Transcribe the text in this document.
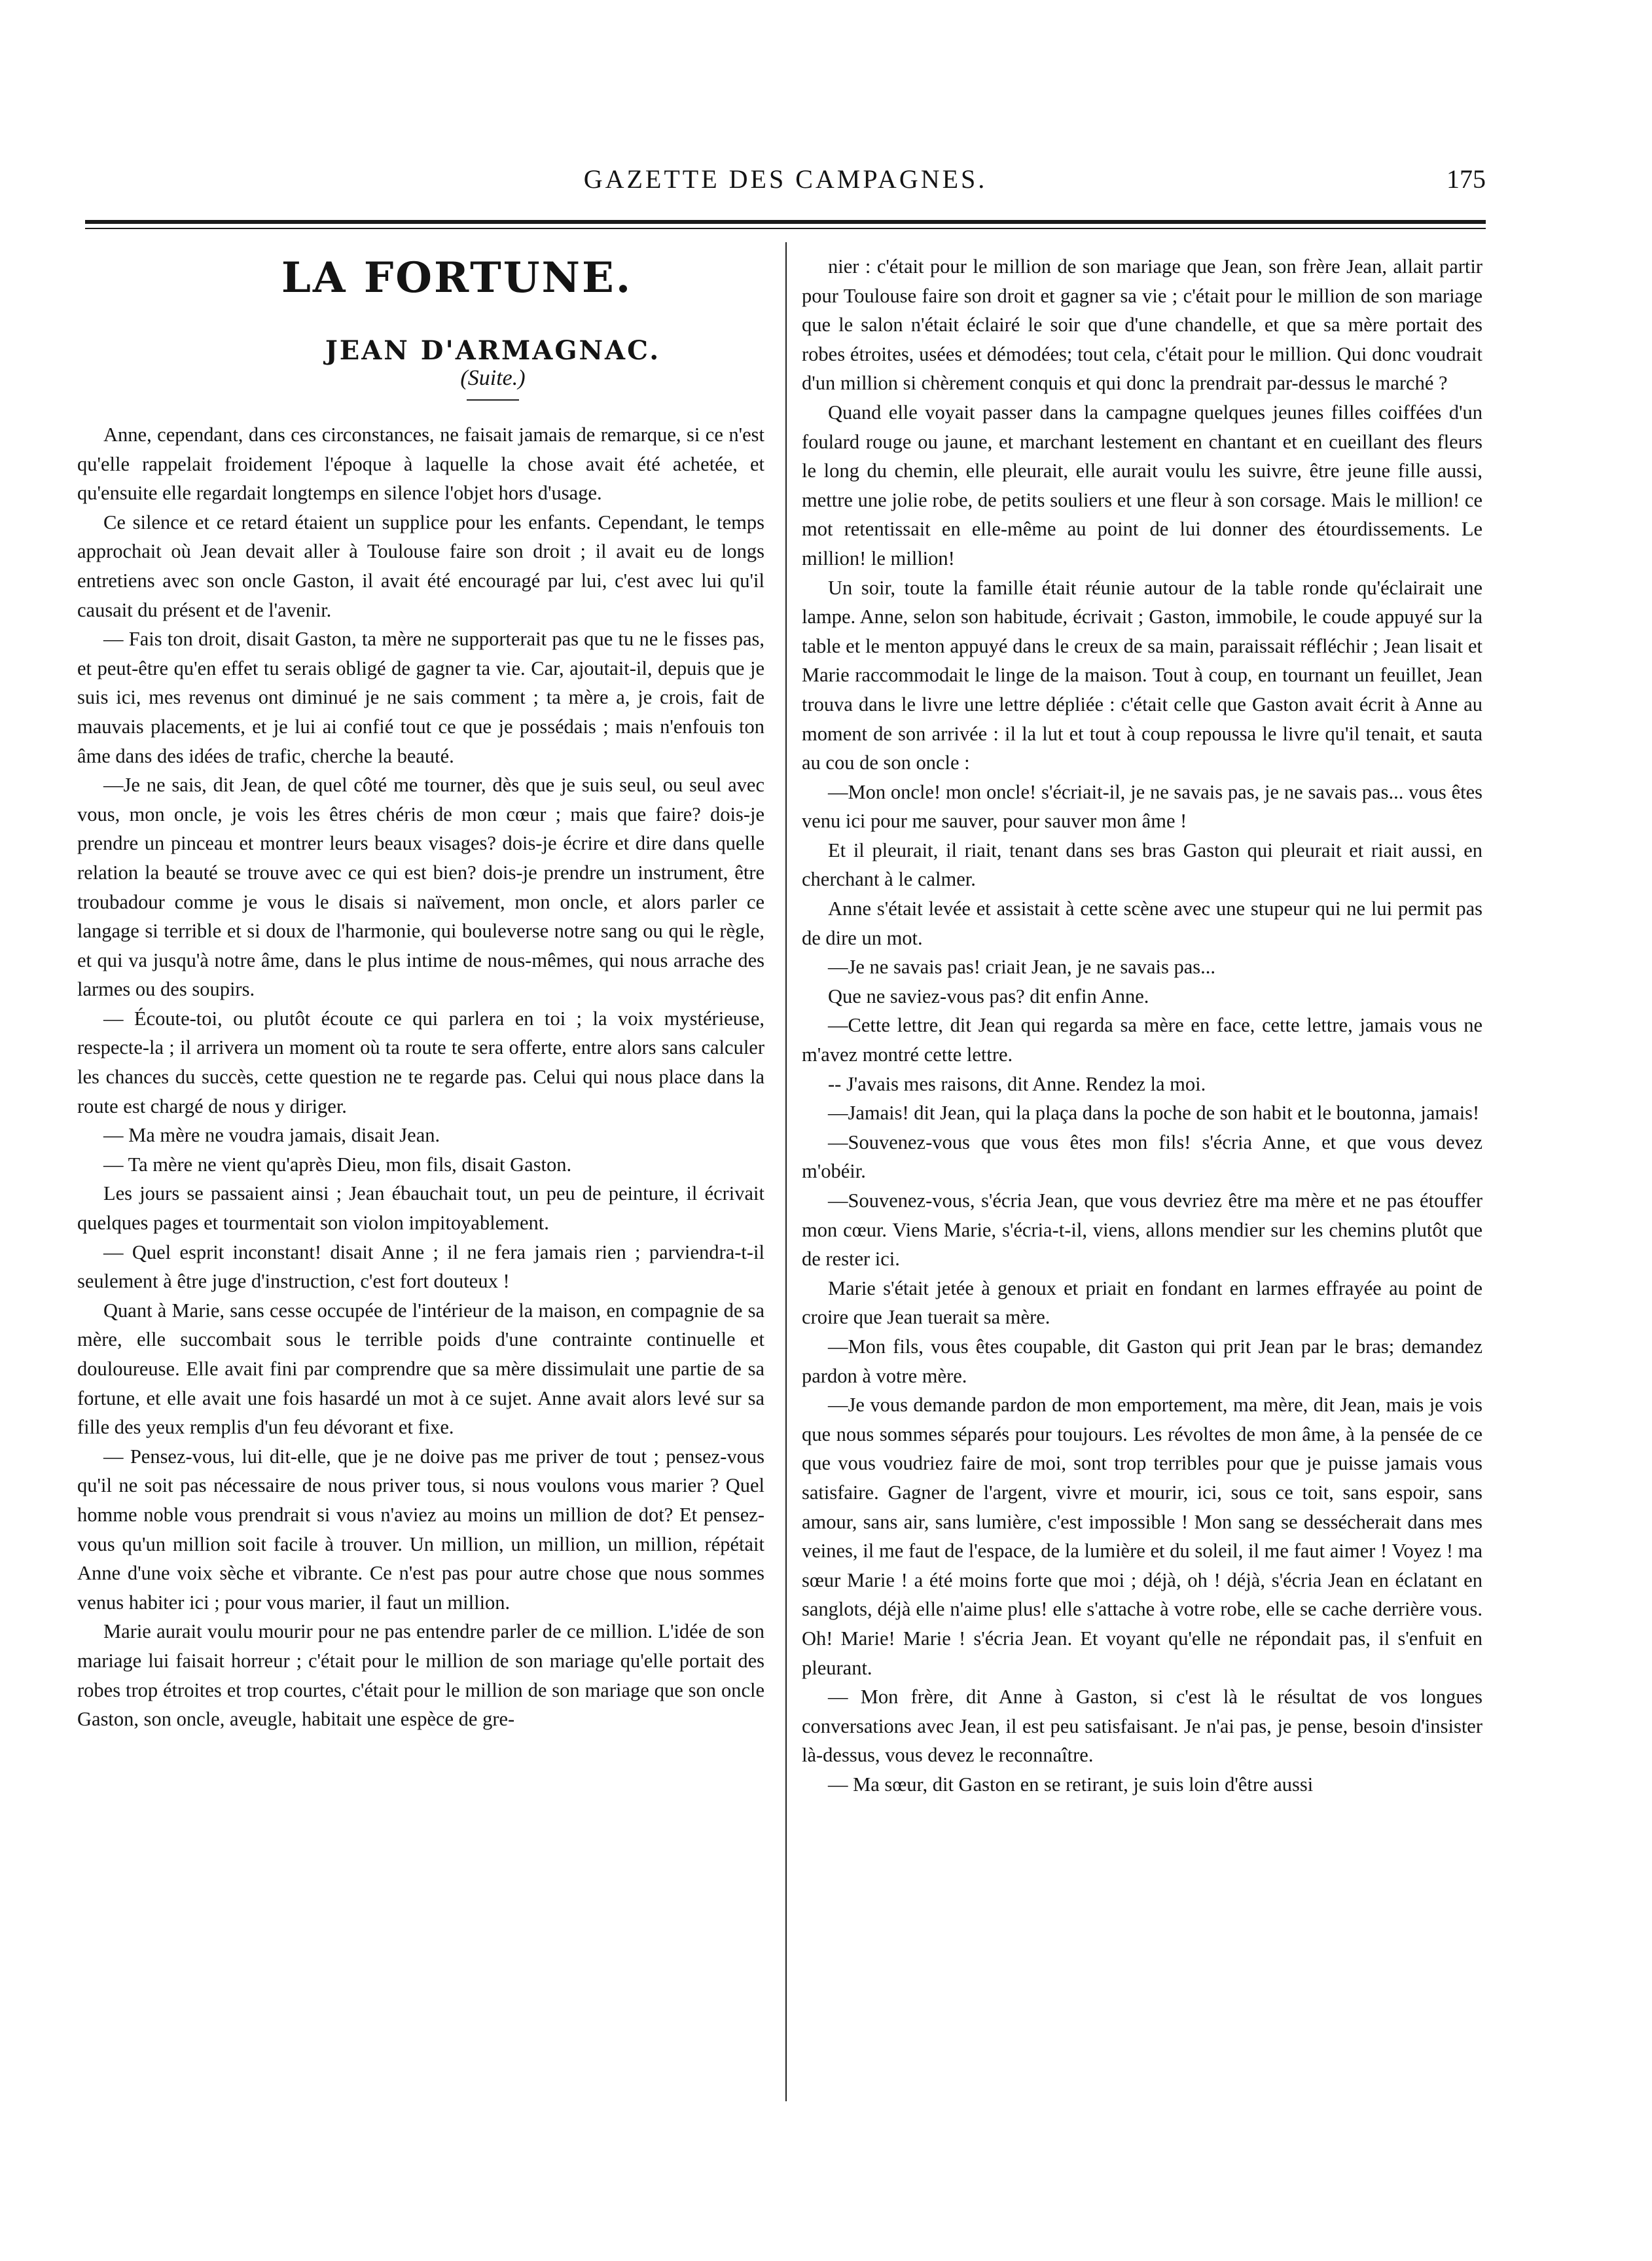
GAZETTE DES CAMPAGNES.	175
LA FORTUNE.
JEAN D'ARMAGNAC.
(Suite.)

Anne, cependant, dans ces circonstances, ne faisait jamais de remarque, si ce n'est qu'elle rappelait froidement l'époque à laquelle la chose avait été achetée, et qu'ensuite elle regardait longtemps en silence l'objet hors d'usage.

Ce silence et ce retard étaient un supplice pour les enfants. Cependant, le temps approchait où Jean devait aller à Toulouse faire son droit ; il avait eu de longs entretiens avec son oncle Gaston, il avait été encouragé par lui, c'est avec lui qu'il causait du présent et de l'avenir.

— Fais ton droit, disait Gaston, ta mère ne supporterait pas que tu ne le fisses pas, et peut-être qu'en effet tu serais obligé de gagner ta vie. Car, ajoutait-il, depuis que je suis ici, mes revenus ont diminué je ne sais comment ; ta mère a, je crois, fait de mauvais placements, et je lui ai confié tout ce que je possédais ; mais n'enfouis ton âme dans des idées de trafic, cherche la beauté.

—Je ne sais, dit Jean, de quel côté me tourner, dès que je suis seul, ou seul avec vous, mon oncle, je vois les êtres chéris de mon cœur ; mais que faire? dois-je prendre un pinceau et montrer leurs beaux visages? dois-je écrire et dire dans quelle relation la beauté se trouve avec ce qui est bien? dois-je prendre un instrument, être troubadour comme je vous le disais si naïvement, mon oncle, et alors parler ce langage si terrible et si doux de l'harmonie, qui bouleverse notre sang ou qui le règle, et qui va jusqu'à notre âme, dans le plus intime de nous-mêmes, qui nous arrache des larmes ou des soupirs.

— Écoute-toi, ou plutôt écoute ce qui parlera en toi ; la voix mystérieuse, respecte-la ; il arrivera un moment où ta route te sera offerte, entre alors sans calculer les chances du succès, cette question ne te regarde pas. Celui qui nous place dans la route est chargé de nous y diriger.

— Ma mère ne voudra jamais, disait Jean.

— Ta mère ne vient qu'après Dieu, mon fils, disait Gaston.

Les jours se passaient ainsi ; Jean ébauchait tout, un peu de peinture, il écrivait quelques pages et tourmentait son violon impitoyablement.

— Quel esprit inconstant! disait Anne ; il ne fera jamais rien ; parviendra-t-il seulement à être juge d'instruction, c'est fort douteux !

Quant à Marie, sans cesse occupée de l'intérieur de la maison, en compagnie de sa mère, elle succombait sous le terrible poids d'une contrainte continuelle et douloureuse. Elle avait fini par comprendre que sa mère dissimulait une partie de sa fortune, et elle avait une fois hasardé un mot à ce sujet. Anne avait alors levé sur sa fille des yeux remplis d'un feu dévorant et fixe.

— Pensez-vous, lui dit-elle, que je ne doive pas me priver de tout ; pensez-vous qu'il ne soit pas nécessaire de nous priver tous, si nous voulons vous marier ? Quel homme noble vous prendrait si vous n'aviez au moins un million de dot? Et pensez-vous qu'un million soit facile à trouver. Un million, un million, un million, répétait Anne d'une voix sèche et vibrante. Ce n'est pas pour autre chose que nous sommes venus habiter ici ; pour vous marier, il faut un million.

Marie aurait voulu mourir pour ne pas entendre parler de ce million. L'idée de son mariage lui faisait horreur ; c'était pour le million de son mariage qu'elle portait des robes trop étroites et trop courtes, c'était pour le million de son mariage que son oncle Gaston, son oncle, aveugle, habitait une espèce de gre-

nier : c'était pour le million de son mariage que Jean, son frère Jean, allait partir pour Toulouse faire son droit et gagner sa vie ; c'était pour le million de son mariage que le salon n'était éclairé le soir que d'une chandelle, et que sa mère portait des robes étroites, usées et démodées; tout cela, c'était pour le million. Qui donc voudrait d'un million si chèrement conquis et qui donc la prendrait par-dessus le marché ?

Quand elle voyait passer dans la campagne quelques jeunes filles coiffées d'un foulard rouge ou jaune, et marchant lestement en chantant et en cueillant des fleurs le long du chemin, elle pleurait, elle aurait voulu les suivre, être jeune fille aussi, mettre une jolie robe, de petits souliers et une fleur à son corsage. Mais le million! ce mot retentissait en elle-même au point de lui donner des étourdissements. Le million! le million!

Un soir, toute la famille était réunie autour de la table ronde qu'éclairait une lampe. Anne, selon son habitude, écrivait ; Gaston, immobile, le coude appuyé sur la table et le menton appuyé dans le creux de sa main, paraissait réfléchir ; Jean lisait et Marie raccommodait le linge de la maison. Tout à coup, en tournant un feuillet, Jean trouva dans le livre une lettre dépliée : c'était celle que Gaston avait écrit à Anne au moment de son arrivée : il la lut et tout à coup repoussa le livre qu'il tenait, et sauta au cou de son oncle :

—Mon oncle! mon oncle! s'écriait-il, je ne savais pas, je ne savais pas... vous êtes venu ici pour me sauver, pour sauver mon âme !

Et il pleurait, il riait, tenant dans ses bras Gaston qui pleurait et riait aussi, en cherchant à le calmer.

Anne s'était levée et assistait à cette scène avec une stupeur qui ne lui permit pas de dire un mot.

—Je ne savais pas! criait Jean, je ne savais pas...

Que ne saviez-vous pas? dit enfin Anne.

—Cette lettre, dit Jean qui regarda sa mère en face, cette lettre, jamais vous ne m'avez montré cette lettre.

-- J'avais mes raisons, dit Anne. Rendez la moi.

—Jamais! dit Jean, qui la plaça dans la poche de son habit et le boutonna, jamais!

—Souvenez-vous que vous êtes mon fils! s'écria Anne, et que vous devez m'obéir.

—Souvenez-vous, s'écria Jean, que vous devriez être ma mère et ne pas étouffer mon cœur. Viens Marie, s'écria-t-il, viens, allons mendier sur les chemins plutôt que de rester ici.

Marie s'était jetée à genoux et priait en fondant en larmes effrayée au point de croire que Jean tuerait sa mère.

—Mon fils, vous êtes coupable, dit Gaston qui prit Jean par le bras; demandez pardon à votre mère.

—Je vous demande pardon de mon emportement, ma mère, dit Jean, mais je vois que nous sommes séparés pour toujours. Les révoltes de mon âme, à la pensée de ce que vous voudriez faire de moi, sont trop terribles pour que je puisse jamais vous satisfaire. Gagner de l'argent, vivre et mourir, ici, sous ce toit, sans espoir, sans amour, sans air, sans lumière, c'est impossible ! Mon sang se dessécherait dans mes veines, il me faut de l'espace, de la lumière et du soleil, il me faut aimer ! Voyez ! ma sœur Marie ! a été moins forte que moi ; déjà, oh ! déjà, s'écria Jean en éclatant en sanglots, déjà elle n'aime plus! elle s'attache à votre robe, elle se cache derrière vous. Oh! Marie! Marie ! s'écria Jean. Et voyant qu'elle ne répondait pas, il s'enfuit en pleurant.

— Mon frère, dit Anne à Gaston, si c'est là le résultat de vos longues conversations avec Jean, il est peu satisfaisant. Je n'ai pas, je pense, besoin d'insister là-dessus, vous devez le reconnaître.

— Ma sœur, dit Gaston en se retirant, je suis loin d'être aussi
